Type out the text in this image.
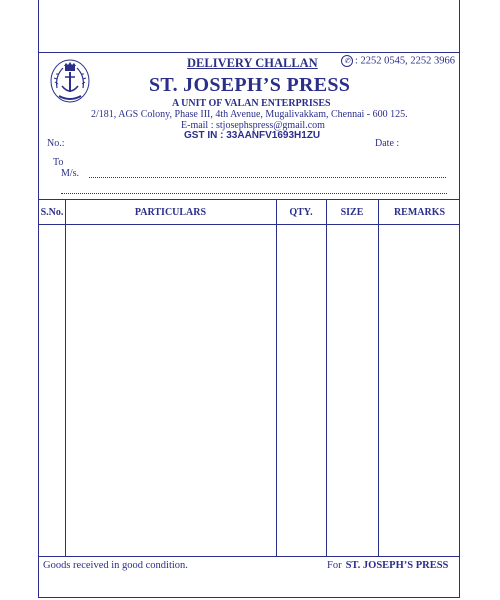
DELIVERY CHALLAN	✆ : 2252 0545, 2252 3966
ST. JOSEPH’S PRESS
A UNIT OF VALAN ENTERPRISES
2/181, AGS Colony, Phase III, 4th Avenue, Mugalivakkam, Chennai - 600 125.
E-mail : stjosephspress@gmail.com
GST IN : 33AANFV1693H1ZU
No.:	Date :
To
M/s.
S.No.	PARTICULARS	QTY.	SIZE	REMARKS
Goods received in good condition.	For ST. JOSEPH’S PRESS
